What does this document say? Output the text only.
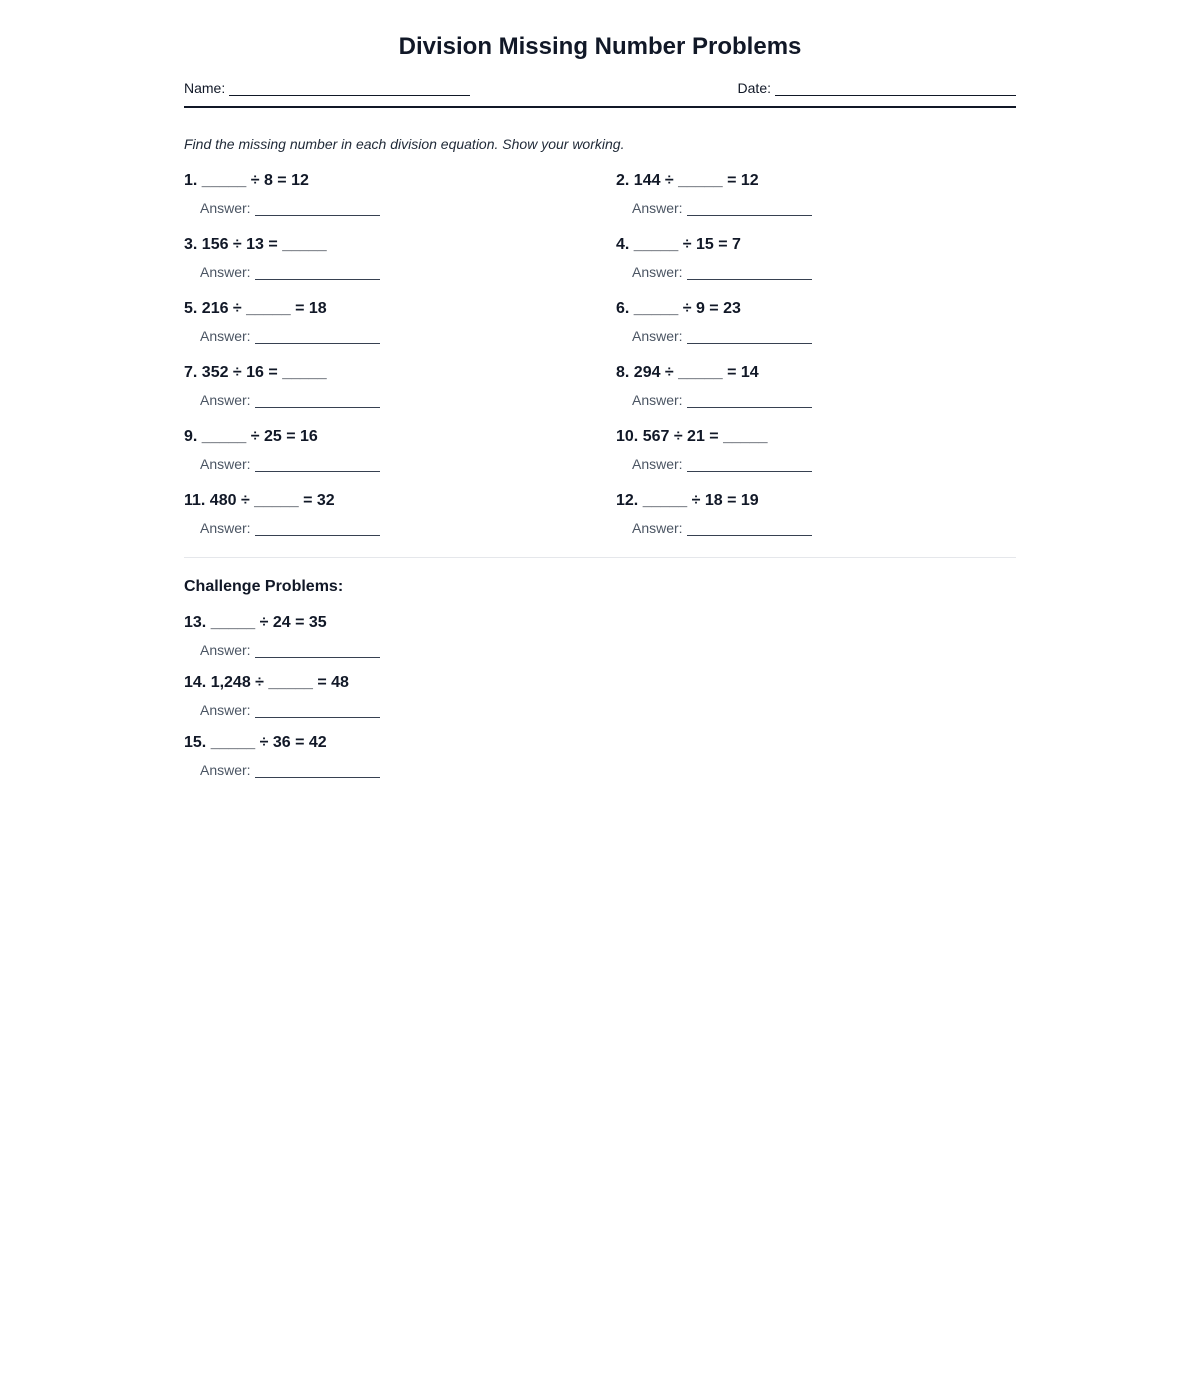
Division Missing Number Problems
Name:	Date:
Find the missing number in each division equation. Show your working.
1. _____ ÷ 8 = 12
Answer:
2. 144 ÷ _____ = 12
Answer:
3. 156 ÷ 13 = _____
Answer:
4. _____ ÷ 15 = 7
Answer:
5. 216 ÷ _____ = 18
Answer:
6. _____ ÷ 9 = 23
Answer:
7. 352 ÷ 16 = _____
Answer:
8. 294 ÷ _____ = 14
Answer:
9. _____ ÷ 25 = 16
Answer:
10. 567 ÷ 21 = _____
Answer:
11. 480 ÷ _____ = 32
Answer:
12. _____ ÷ 18 = 19
Answer:
Challenge Problems:
13. _____ ÷ 24 = 35
Answer:
14. 1,248 ÷ _____ = 48
Answer:
15. _____ ÷ 36 = 42
Answer:
